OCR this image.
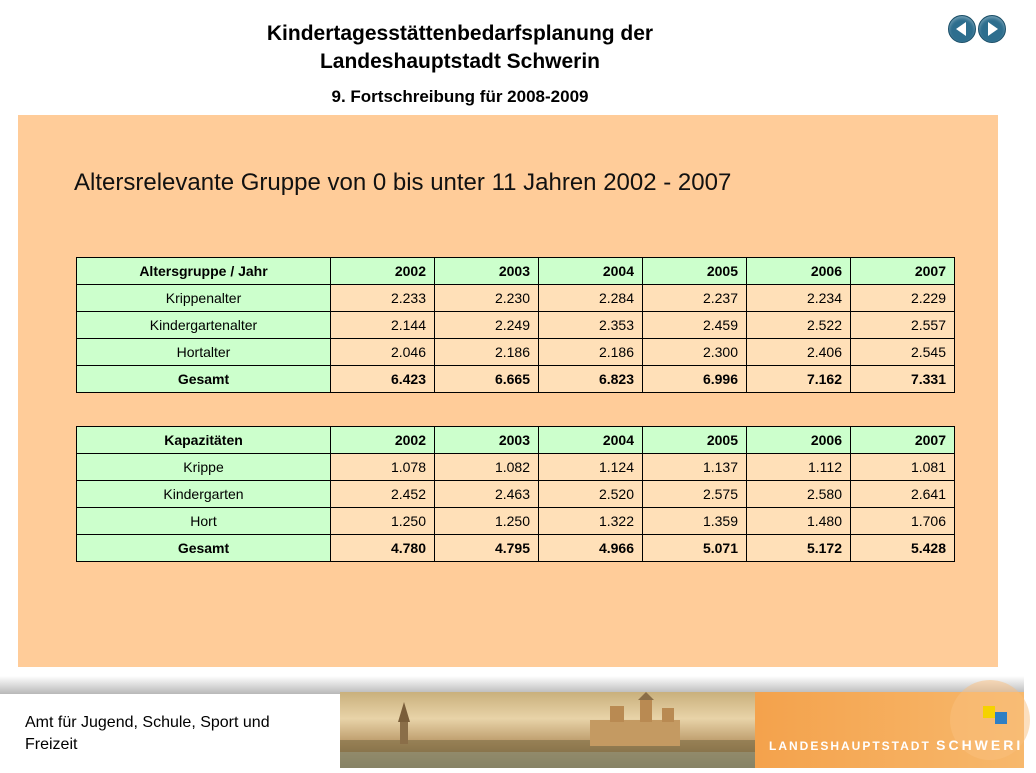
Kindertagesstättenbedarfsplanung der
Landeshauptstadt Schwerin
9. Fortschreibung für 2008-2009
Altersrelevante Gruppe von 0 bis unter 11 Jahren 2002 - 2007
Altersgruppe / Jahr	2002	2003	2004	2005	2006	2007
Krippenalter	2.233	2.230	2.284	2.237	2.234	2.229
Kindergartenalter	2.144	2.249	2.353	2.459	2.522	2.557
Hortalter	2.046	2.186	2.186	2.300	2.406	2.545
Gesamt	6.423	6.665	6.823	6.996	7.162	7.331
Kapazitäten	2002	2003	2004	2005	2006	2007
Krippe	1.078	1.082	1.124	1.137	1.112	1.081
Kindergarten	2.452	2.463	2.520	2.575	2.580	2.641
Hort	1.250	1.250	1.322	1.359	1.480	1.706
Gesamt	4.780	4.795	4.966	5.071	5.172	5.428
Amt für Jugend, Schule, Sport und
Freizeit	LANDESHAUPTSTADT SCHWERIN
